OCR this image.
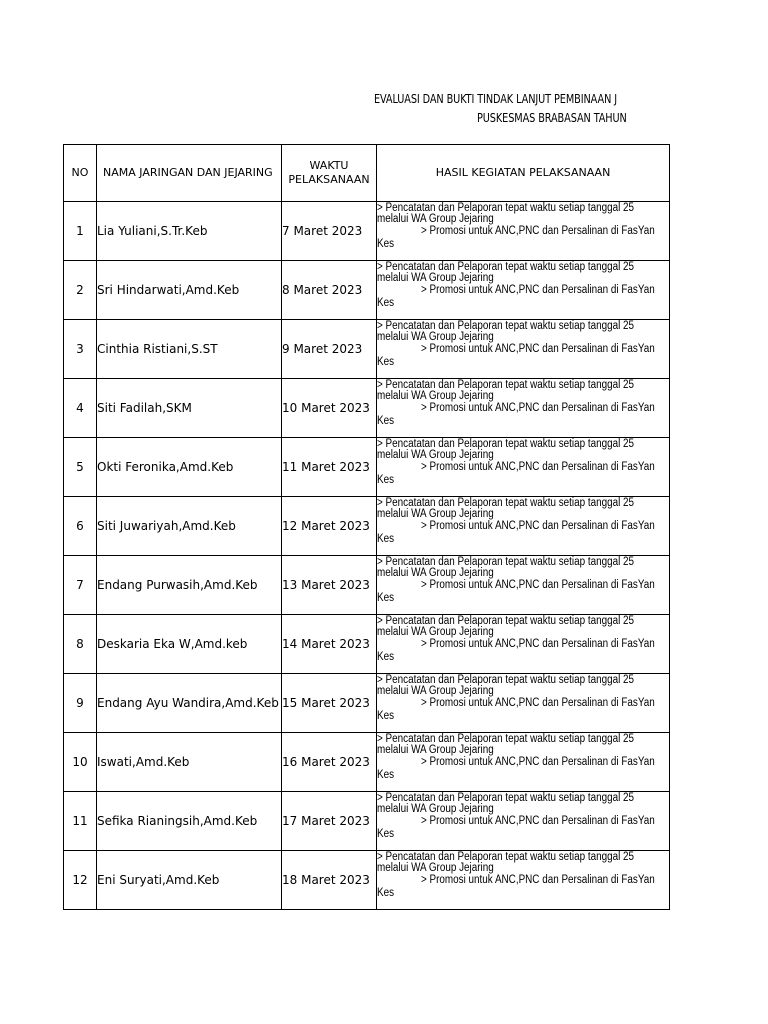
EVALUASI DAN BUKTI TINDAK LANJUT PEMBINAAN J
PUSKESMAS BRABASAN TAHUN
NO	NAMA JARINGAN DAN JEJARING	WAKTU
PELAKSANAAN	HASIL KEGIATAN PELAKSANAAN
1	Lia Yuliani,S.Tr.Keb	7 Maret 2023	> Pencatatan dan Pelaporan tepat waktu setiap tanggal 25
melalui WA Group Jejaring
> Promosi untuk ANC,PNC dan Persalinan di FasYan
Kes

2	Sri Hindarwati,Amd.Keb	8 Maret 2023	> Pencatatan dan Pelaporan tepat waktu setiap tanggal 25
melalui WA Group Jejaring
> Promosi untuk ANC,PNC dan Persalinan di FasYan
Kes

3	Cinthia Ristiani,S.ST	9 Maret 2023	> Pencatatan dan Pelaporan tepat waktu setiap tanggal 25
melalui WA Group Jejaring
> Promosi untuk ANC,PNC dan Persalinan di FasYan
Kes

4	Siti Fadilah,SKM	10 Maret 2023	> Pencatatan dan Pelaporan tepat waktu setiap tanggal 25
melalui WA Group Jejaring
> Promosi untuk ANC,PNC dan Persalinan di FasYan
Kes

5	Okti Feronika,Amd.Keb	11 Maret 2023	> Pencatatan dan Pelaporan tepat waktu setiap tanggal 25
melalui WA Group Jejaring
> Promosi untuk ANC,PNC dan Persalinan di FasYan
Kes

6	Siti Juwariyah,Amd.Keb	12 Maret 2023	> Pencatatan dan Pelaporan tepat waktu setiap tanggal 25
melalui WA Group Jejaring
> Promosi untuk ANC,PNC dan Persalinan di FasYan
Kes

7	Endang Purwasih,Amd.Keb	13 Maret 2023	> Pencatatan dan Pelaporan tepat waktu setiap tanggal 25
melalui WA Group Jejaring
> Promosi untuk ANC,PNC dan Persalinan di FasYan
Kes

8	Deskaria Eka W,Amd.keb	14 Maret 2023	> Pencatatan dan Pelaporan tepat waktu setiap tanggal 25
melalui WA Group Jejaring
> Promosi untuk ANC,PNC dan Persalinan di FasYan
Kes

9	Endang Ayu Wandira,Amd.Keb	15 Maret 2023	> Pencatatan dan Pelaporan tepat waktu setiap tanggal 25
melalui WA Group Jejaring
> Promosi untuk ANC,PNC dan Persalinan di FasYan
Kes

10	Iswati,Amd.Keb	16 Maret 2023	> Pencatatan dan Pelaporan tepat waktu setiap tanggal 25
melalui WA Group Jejaring
> Promosi untuk ANC,PNC dan Persalinan di FasYan
Kes

11	Sefika Rianingsih,Amd.Keb	17 Maret 2023	> Pencatatan dan Pelaporan tepat waktu setiap tanggal 25
melalui WA Group Jejaring
> Promosi untuk ANC,PNC dan Persalinan di FasYan
Kes

12	Eni Suryati,Amd.Keb	18 Maret 2023	> Pencatatan dan Pelaporan tepat waktu setiap tanggal 25
melalui WA Group Jejaring
> Promosi untuk ANC,PNC dan Persalinan di FasYan
Kes
